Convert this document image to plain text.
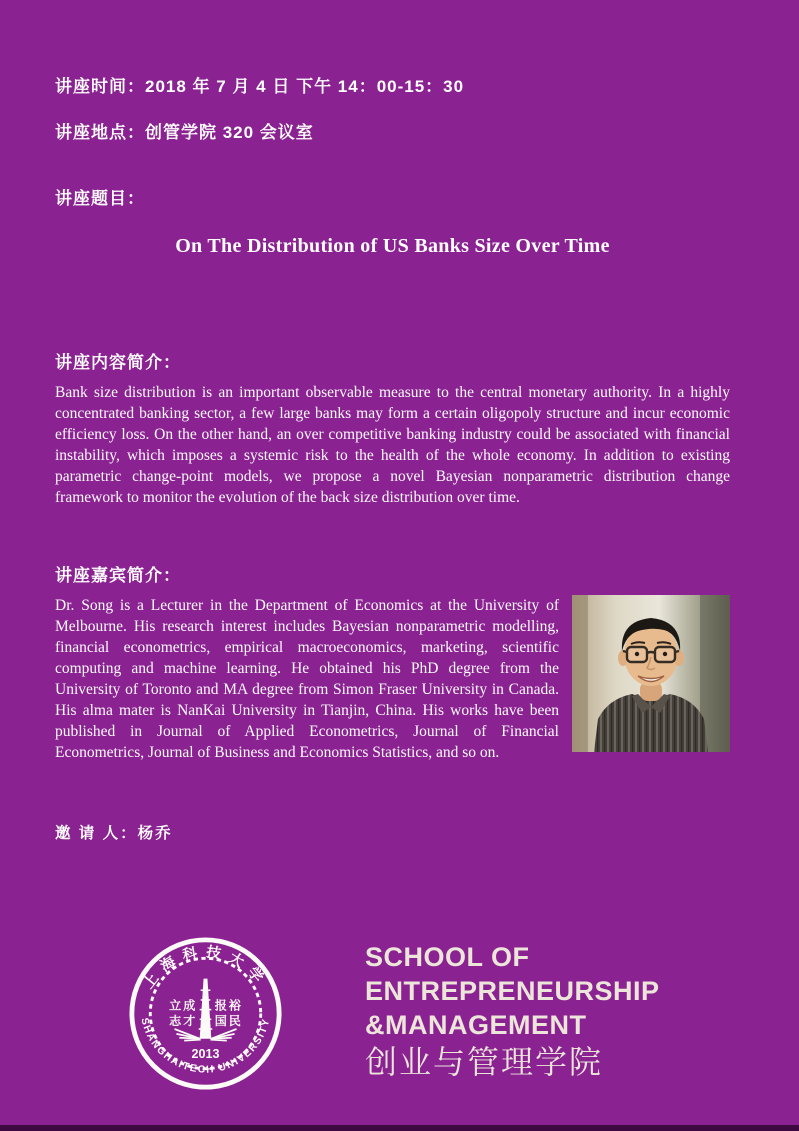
讲座时间：2018 年 7 月 4 日 下午 14：00-15：30
讲座地点：创管学院 320 会议室
讲座题目：
On The Distribution of US Banks Size Over Time
讲座内容简介：
Bank size distribution is an important observable measure to the central monetary authority. In a highly concentrated banking sector, a few large banks may form a certain oligopoly structure and incur economic efficiency loss. On the other hand, an over competitive banking industry could be associated with financial instability, which imposes a systemic risk to the health of the whole economy. In addition to existing parametric change-point models, we propose a novel Bayesian nonparametric distribution change framework to monitor the evolution of the back size distribution over time.
讲座嘉宾简介：
Dr. Song is a Lecturer in the Department of Economics at the University of Melbourne. His research interest includes Bayesian nonparametric modelling, financial econometrics, empirical macroeconomics, marketing, scientific computing and machine learning. He obtained his PhD degree from the University of Toronto and MA degree from Simon Fraser University in Canada. His alma mater is NanKai University in Tianjin, China. His works have been published in Journal of Applied Econometrics, Journal of Financial Econometrics, Journal of Business and Economics Statistics, and so on.
邀 请 人：杨乔
上海科技大学
SHANGHAITECH UNIVERSITY
立成
志才
报裕
国民
2013
SCHOOL OF
ENTREPRENEURSHIP
&MANAGEMENT
创业与管理学院
